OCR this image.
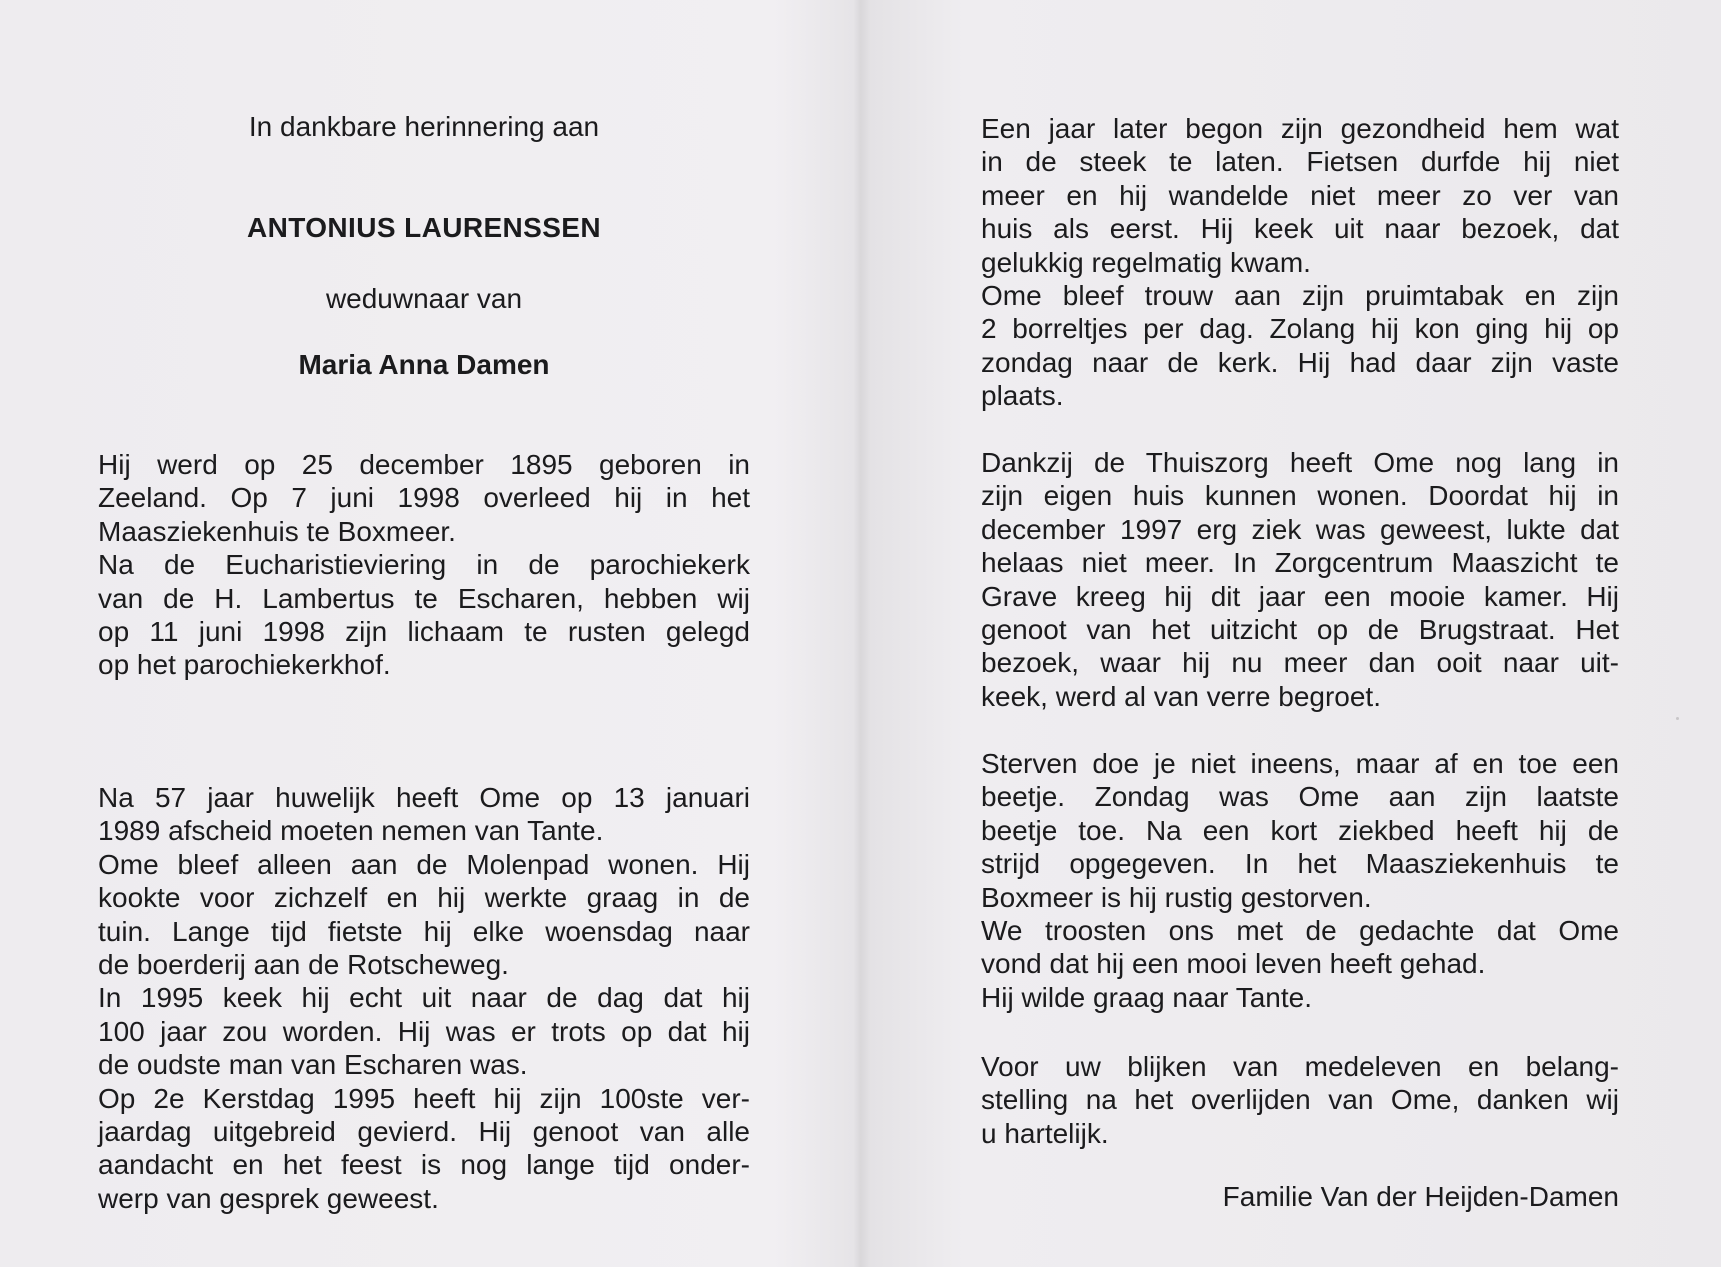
In dankbare herinnering aan
ANTONIUS LAURENSSEN
weduwnaar van
Maria Anna Damen
Hij werd op 25 december 1895 geboren in
Zeeland. Op 7 juni 1998 overleed hij in het
Maasziekenhuis te Boxmeer.
Na de Eucharistieviering in de parochiekerk
van de H. Lambertus te Escharen, hebben wij
op 11 juni 1998 zijn lichaam te rusten gelegd
op het parochiekerkhof.
Na 57 jaar huwelijk heeft Ome op 13 januari
1989 afscheid moeten nemen van Tante.
Ome bleef alleen aan de Molenpad wonen. Hij
kookte voor zichzelf en hij werkte graag in de
tuin. Lange tijd fietste hij elke woensdag naar
de boerderij aan de Rotscheweg.
In 1995 keek hij echt uit naar de dag dat hij
100 jaar zou worden. Hij was er trots op dat hij
de oudste man van Escharen was.
Op 2e Kerstdag 1995 heeft hij zijn 100ste ver-
jaardag uitgebreid gevierd. Hij genoot van alle
aandacht en het feest is nog lange tijd onder-
werp van gesprek geweest.
Een jaar later begon zijn gezondheid hem wat
in de steek te laten. Fietsen durfde hij niet
meer en hij wandelde niet meer zo ver van
huis als eerst. Hij keek uit naar bezoek, dat
gelukkig regelmatig kwam.
Ome bleef trouw aan zijn pruimtabak en zijn
2 borreltjes per dag. Zolang hij kon ging hij op
zondag naar de kerk. Hij had daar zijn vaste
plaats.
Dankzij de Thuiszorg heeft Ome nog lang in
zijn eigen huis kunnen wonen. Doordat hij in
december 1997 erg ziek was geweest, lukte dat
helaas niet meer. In Zorgcentrum Maaszicht te
Grave kreeg hij dit jaar een mooie kamer. Hij
genoot van het uitzicht op de Brugstraat. Het
bezoek, waar hij nu meer dan ooit naar uit-
keek, werd al van verre begroet.
Sterven doe je niet ineens, maar af en toe een
beetje. Zondag was Ome aan zijn laatste
beetje toe. Na een kort ziekbed heeft hij de
strijd opgegeven. In het Maasziekenhuis te
Boxmeer is hij rustig gestorven.
We troosten ons met de gedachte dat Ome
vond dat hij een mooi leven heeft gehad.
Hij wilde graag naar Tante.
Voor uw blijken van medeleven en belang-
stelling na het overlijden van Ome, danken wij
u hartelijk.
Familie Van der Heijden-Damen
